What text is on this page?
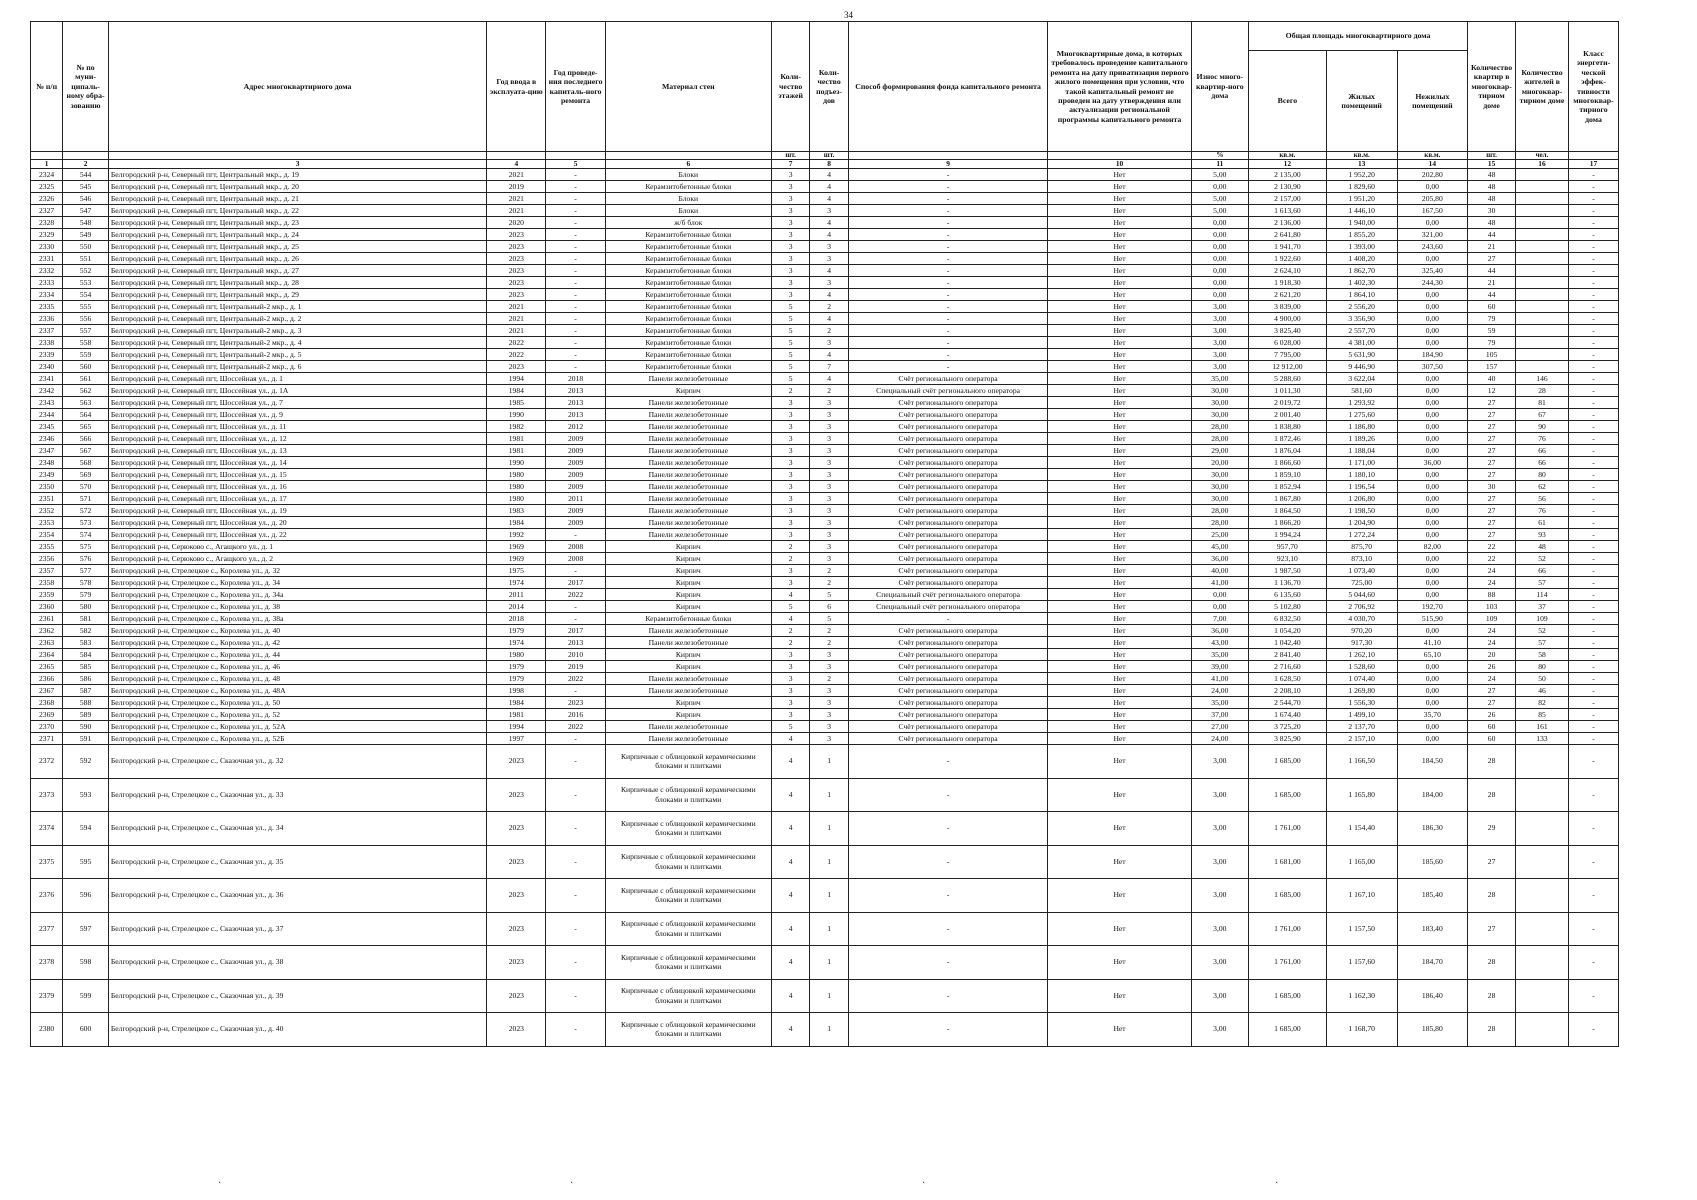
34
№ п/п	№ по муни-ципаль-ному обра-зованию	Адрес многоквартирного дома	Год ввода в эксплуата-цию	Год проведе-ния последнего капиталь-ного ремонта	Материал стен	Коли-чество этажей	Коли-чество подъез-дов	Способ формирования фонда капитального ремонта	Многоквартирные дома, в которых требовалось проведение капитального ремонта на дату приватизации первого жилого помещения при условии, что такой капитальный ремонт не проведен на дату утверждения или актуализации региональной программы капитального ремонта	Износ много-квартир-ного дома	Общая площадь многоквартирного дома			Количество квартир в многоквар-тирном доме	Количество жителей в многоквар-тирном доме	Класс энергети-ческой эффек-тивности многоквар-тирного дома
											Всего	Жилых помещений	Нежилых помещений			
						шт.	шт.			%	кв.м.	кв.м.	кв.м.	шт.	чел.	
1	2	3	4	5	6	7	8	9	10	11	12	13	14	15	16	17
2324	544	Белгородский р-н, Северный пгт, Центральный мкр., д. 19	2021	-	Блоки	3	4	-	Нет	5,00	2 135,00	1 952,20	202,80	48		-
2325	545	Белгородский р-н, Северный пгт, Центральный мкр., д. 20	2019	-	Керамзитобетонные блоки	3	4	-	Нет	0,00	2 130,90	1 829,60	0,00	48		-
2326	546	Белгородский р-н, Северный пгт, Центральный мкр., д. 21	2021	-	Блоки	3	4	-	Нет	5,00	2 157,00	1 951,20	205,80	48		-
2327	547	Белгородский р-н, Северный пгт, Центральный мкр., д. 22	2021	-	Блоки	3	3	-	Нет	5,00	1 613,60	1 446,10	167,50	30		-
2328	548	Белгородский р-н, Северный пгт, Центральный мкр., д. 23	2020	-	ж/б блок	3	4	-	Нет	0,00	2 136,00	1 940,00	0,00	48		-
2329	549	Белгородский р-н, Северный пгт, Центральный мкр., д. 24	2023	-	Керамзитобетонные блоки	3	4	-	Нет	0,00	2 641,80	1 855,20	321,00	44		-
2330	550	Белгородский р-н, Северный пгт, Центральный мкр., д. 25	2023	-	Керамзитобетонные блоки	3	3	-	Нет	0,00	1 941,70	1 393,00	243,60	21		-
2331	551	Белгородский р-н, Северный пгт, Центральный мкр., д. 26	2023	-	Керамзитобетонные блоки	3	3	-	Нет	0,00	1 922,60	1 408,20	0,00	27		-
2332	552	Белгородский р-н, Северный пгт, Центральный мкр., д. 27	2023	-	Керамзитобетонные блоки	3	4	-	Нет	0,00	2 624,10	1 862,70	325,40	44		-
2333	553	Белгородский р-н, Северный пгт, Центральный мкр., д. 28	2023	-	Керамзитобетонные блоки	3	3	-	Нет	0,00	1 918,30	1 402,30	244,30	21		-
2334	554	Белгородский р-н, Северный пгт, Центральный мкр., д. 29	2023	-	Керамзитобетонные блоки	3	4	-	Нет	0,00	2 621,20	1 864,10	0,00	44		-
2335	555	Белгородский р-н, Северный пгт, Центральный-2 мкр., д. 1	2021	-	Керамзитобетонные блоки	5	2	-	Нет	3,00	3 839,00	2 556,20	0,00	60		-
2336	556	Белгородский р-н, Северный пгт, Центральный-2 мкр., д. 2	2021	-	Керамзитобетонные блоки	5	4	-	Нет	3,00	4 900,00	3 356,90	0,00	79		-
2337	557	Белгородский р-н, Северный пгт, Центральный-2 мкр., д. 3	2021	-	Керамзитобетонные блоки	5	2	-	Нет	3,00	3 825,40	2 557,70	0,00	59		-
2338	558	Белгородский р-н, Северный пгт, Центральный-2 мкр., д. 4	2022	-	Керамзитобетонные блоки	5	3	-	Нет	3,00	6 028,00	4 381,00	0,00	79		-
2339	559	Белгородский р-н, Северный пгт, Центральный-2 мкр., д. 5	2022	-	Керамзитобетонные блоки	5	4	-	Нет	3,00	7 795,00	5 631,90	184,90	105		-
2340	560	Белгородский р-н, Северный пгт, Центральный-2 мкр., д. 6	2023	-	Керамзитобетонные блоки	5	7	-	Нет	3,00	12 912,00	9 446,90	307,50	157		-
2341	561	Белгородский р-н, Северный пгт, Шоссейная ул., д. 1	1994	2018	Панели железобетонные	5	4	Счёт регионального оператора	Нет	35,00	5 288,60	3 622,04	0,00	40	146	-
2342	562	Белгородский р-н, Северный пгт, Шоссейная ул., д. 1А	1984	2013	Кирпич	2	2	Специальный счёт регионального оператора	Нет	30,00	1 011,30	581,60	0,00	12	28	-
2343	563	Белгородский р-н, Северный пгт, Шоссейная ул., д. 7	1985	2013	Панели железобетонные	3	3	Счёт регионального оператора	Нет	30,00	2 019,72	1 293,92	0,00	27	81	-
2344	564	Белгородский р-н, Северный пгт, Шоссейная ул., д. 9	1990	2013	Панели железобетонные	3	3	Счёт регионального оператора	Нет	30,00	2 001,40	1 275,60	0,00	27	67	-
2345	565	Белгородский р-н, Северный пгт, Шоссейная ул., д. 11	1982	2012	Панели железобетонные	3	3	Счёт регионального оператора	Нет	28,00	1 838,80	1 186,80	0,00	27	90	-
2346	566	Белгородский р-н, Северный пгт, Шоссейная ул., д. 12	1981	2009	Панели железобетонные	3	3	Счёт регионального оператора	Нет	28,00	1 872,46	1 189,26	0,00	27	76	-
2347	567	Белгородский р-н, Северный пгт, Шоссейная ул., д. 13	1981	2009	Панели железобетонные	3	3	Счёт регионального оператора	Нет	29,00	1 876,04	1 188,04	0,00	27	66	-
2348	568	Белгородский р-н, Северный пгт, Шоссейная ул., д. 14	1990	2009	Панели железобетонные	3	3	Счёт регионального оператора	Нет	20,00	1 866,60	1 171,00	36,00	27	66	-
2349	569	Белгородский р-н, Северный пгт, Шоссейная ул., д. 15	1980	2009	Панели железобетонные	3	3	Счёт регионального оператора	Нет	30,00	1 859,10	1 180,10	0,00	27	80	-
2350	570	Белгородский р-н, Северный пгт, Шоссейная ул., д. 16	1980	2009	Панели железобетонные	3	3	Счёт регионального оператора	Нет	30,00	1 852,94	1 196,54	0,00	30	62	-
2351	571	Белгородский р-н, Северный пгт, Шоссейная ул., д. 17	1980	2011	Панели железобетонные	3	3	Счёт регионального оператора	Нет	30,00	1 867,80	1 206,80	0,00	27	56	-
2352	572	Белгородский р-н, Северный пгт, Шоссейная ул., д. 19	1983	2009	Панели железобетонные	3	3	Счёт регионального оператора	Нет	28,00	1 864,50	1 198,50	0,00	27	76	-
2353	573	Белгородский р-н, Северный пгт, Шоссейная ул., д. 20	1984	2009	Панели железобетонные	3	3	Счёт регионального оператора	Нет	28,00	1 866,20	1 204,90	0,00	27	61	-
2354	574	Белгородский р-н, Северный пгт, Шоссейная ул., д. 22	1992	-	Панели железобетонные	3	3	Счёт регионального оператора	Нет	25,00	1 994,24	1 272,24	0,00	27	93	-
2355	575	Белгородский р-н, Серюково с., Агащкого ул., д. 1	1969	2008	Кирпич	2	3	Счёт регионального оператора	Нет	45,00	957,70	875,70	82,00	22	48	-
2356	576	Белгородский р-н, Серюково с., Агащкого ул., д. 2	1969	2008	Кирпич	2	3	Счёт регионального оператора	Нет	36,00	923,10	873,10	0,00	22	52	-
2357	577	Белгородский р-н, Стрелецкое с., Королева ул., д. 32	1975	-	Кирпич	3	2	Счёт регионального оператора	Нет	40,00	1 987,50	1 073,40	0,00	24	66	-
2358	578	Белгородский р-н, Стрелецкое с., Королева ул., д. 34	1974	2017	Кирпич	3	2	Счёт регионального оператора	Нет	41,00	1 136,70	725,00	0,00	24	57	-
2359	579	Белгородский р-н, Стрелецкое с., Королева ул., д. 34а	2011	2022	Кирпич	4	5	Специальный счёт регионального оператора	Нет	0,00	6 135,60	5 044,60	0,00	88	114	-
2360	580	Белгородский р-н, Стрелецкое с., Королева ул., д. 38	2014	-	Кирпич	5	6	Специальный счёт регионального оператора	Нет	0,00	5 102,80	2 706,92	192,70	103	37	-
2361	581	Белгородский р-н, Стрелецкое с., Королева ул., д. 38а	2018	-	Керамзитобетонные блоки	4	5	-	Нет	7,00	6 832,50	4 030,70	515,90	109	109	-
2362	582	Белгородский р-н, Стрелецкое с., Королева ул., д. 40	1979	2017	Панели железобетонные	2	2	Счёт регионального оператора	Нет	36,00	1 054,20	970,20	0,00	24	52	-
2363	583	Белгородский р-н, Стрелецкое с., Королева ул., д. 42	1974	2013	Панели железобетонные	2	2	Счёт регионального оператора	Нет	43,00	1 042,40	917,30	41,10	24	57	-
2364	584	Белгородский р-н, Стрелецкое с., Королева ул., д. 44	1980	2010	Кирпич	3	3	Счёт регионального оператора	Нет	35,00	2 841,40	1 262,10	65,10	20	58	-
2365	585	Белгородский р-н, Стрелецкое с., Королева ул., д. 46	1979	2019	Кирпич	3	3	Счёт регионального оператора	Нет	39,00	2 716,60	1 528,60	0,00	26	80	-
2366	586	Белгородский р-н, Стрелецкое с., Королева ул., д. 48	1979	2022	Панели железобетонные	3	2	Счёт регионального оператора	Нет	41,00	1 628,50	1 074,40	0,00	24	50	-
2367	587	Белгородский р-н, Стрелецкое с., Королева ул., д. 48А	1998	-	Панели железобетонные	3	3	Счёт регионального оператора	Нет	24,00	2 208,10	1 269,80	0,00	27	46	-
2368	588	Белгородский р-н, Стрелецкое с., Королева ул., д. 50	1984	2023	Кирпич	3	3	Счёт регионального оператора	Нет	35,00	2 544,70	1 556,30	0,00	27	82	-
2369	589	Белгородский р-н, Стрелецкое с., Королева ул., д. 52	1981	2016	Кирпич	3	3	Счёт регионального оператора	Нет	37,00	1 674,40	1 499,10	35,70	26	85	-
2370	590	Белгородский р-н, Стрелецкое с., Королева ул., д. 52А	1994	2022	Панели железобетонные	5	3	Счёт регионального оператора	Нет	27,00	3 725,20	2 137,70	0,00	60	161	-
2371	591	Белгородский р-н, Стрелецкое с., Королева ул., д. 52Б	1997	-	Панели железобетонные	4	3	Счёт регионального оператора	Нет	24,00	3 825,90	2 157,10	0,00	60	133	-
2372	592	Белгородский р-н, Стрелецкое с., Сказочная ул., д. 32	2023	-	Кирпичные с облицовкой керамическими блоками и плитками	4	1	-	Нет	3,00	1 685,00	1 166,50	184,50	28		-
2373	593	Белгородский р-н, Стрелецкое с., Сказочная ул., д. 33	2023	-	Кирпичные с облицовкой керамическими блоками и плитками	4	1	-	Нет	3,00	1 685,00	1 165,80	184,00	28		-
2374	594	Белгородский р-н, Стрелецкое с., Сказочная ул., д. 34	2023	-	Кирпичные с облицовкой керамическими блоками и плитками	4	1	-	Нет	3,00	1 761,00	1 154,40	186,30	29		-
2375	595	Белгородский р-н, Стрелецкое с., Сказочная ул., д. 35	2023	-	Кирпичные с облицовкой керамическими блоками и плитками	4	1	-	Нет	3,00	1 681,00	1 165,00	185,60	27		-
2376	596	Белгородский р-н, Стрелецкое с., Сказочная ул., д. 36	2023	-	Кирпичные с облицовкой керамическими блоками и плитками	4	1	-	Нет	3,00	1 685,00	1 167,10	185,40	28		-
2377	597	Белгородский р-н, Стрелецкое с., Сказочная ул., д. 37	2023	-	Кирпичные с облицовкой керамическими блоками и плитками	4	1	-	Нет	3,00	1 761,00	1 157,50	183,40	27		-
2378	598	Белгородский р-н, Стрелецкое с., Сказочная ул., д. 38	2023	-	Кирпичные с облицовкой керамическими блоками и плитками	4	1	-	Нет	3,00	1 761,00	1 157,60	184,70	28		-
2379	599	Белгородский р-н, Стрелецкое с., Сказочная ул., д. 39	2023	-	Кирпичные с облицовкой керамическими блоками и плитками	4	1	-	Нет	3,00	1 685,00	1 162,30	186,40	28		-
2380	600	Белгородский р-н, Стрелецкое с., Сказочная ул., д. 40	2023	-	Кирпичные с облицовкой керамическими блоками и плитками	4	1	-	Нет	3,00	1 685,00	1 168,70	185,80	28		-
·	·	·	·
